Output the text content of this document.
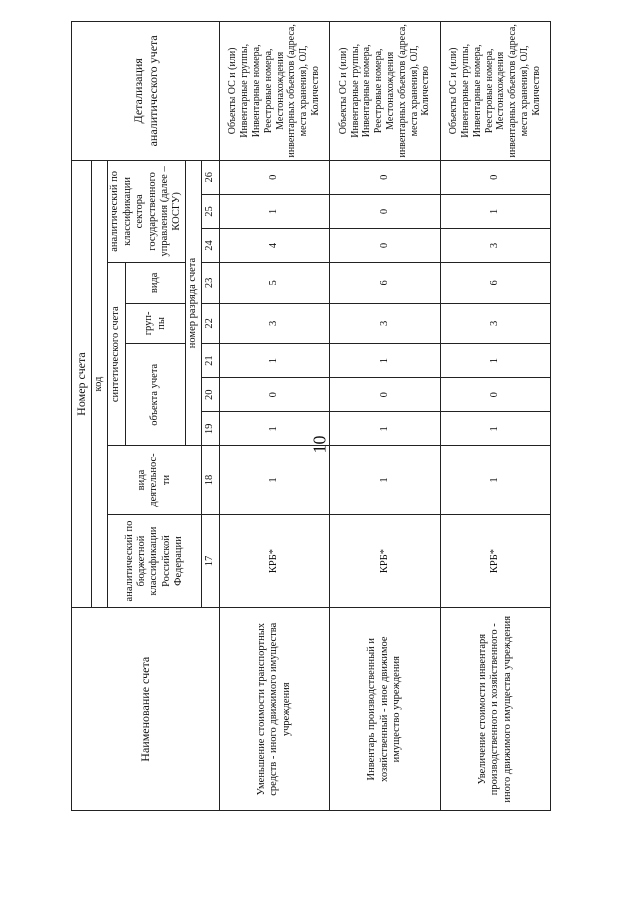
10
Наименование счета	Номер счета										Детализация аналитического учета
	код										
	аналитический по бюджетной классификации Российской Федерации	вида деятельнос-ти	синтетического счета					аналитический по классификации сектора государственного управления (далее – КОСГУ)			
			объекта учета			груп-пы	вида				
			номер разряда счета								
	17	18	19	20	21	22	23	24	25	26	
Уменьшение стоимости транспортных средств - иного движимого имущества учреждения	КРБ*	1	1	0	1	3	5	4	1	0	Объекты ОС и (или) Инвентарные группы, Инвентарные номера, Реестровые номера, Местонахождения инвентарных объектов (адреса, места хранения), ОЛ, Количество
Инвентарь производственный и хозяйственный - иное движимое имущество учреждения	КРБ*	1	1	0	1	3	6	0	0	0	Объекты ОС и (или) Инвентарные группы, Инвентарные номера, Реестровые номера, Местонахождения инвентарных объектов (адреса, места хранения), ОЛ, Количество
Увеличение стоимости инвентаря производственного и хозяйственного - иного движимого имущества учреждения	КРБ*	1	1	0	1	3	6	3	1	0	Объекты ОС и (или) Инвентарные группы, Инвентарные номера, Реестровые номера, Местонахождения инвентарных объектов (адреса, места хранения), ОЛ, Количество
